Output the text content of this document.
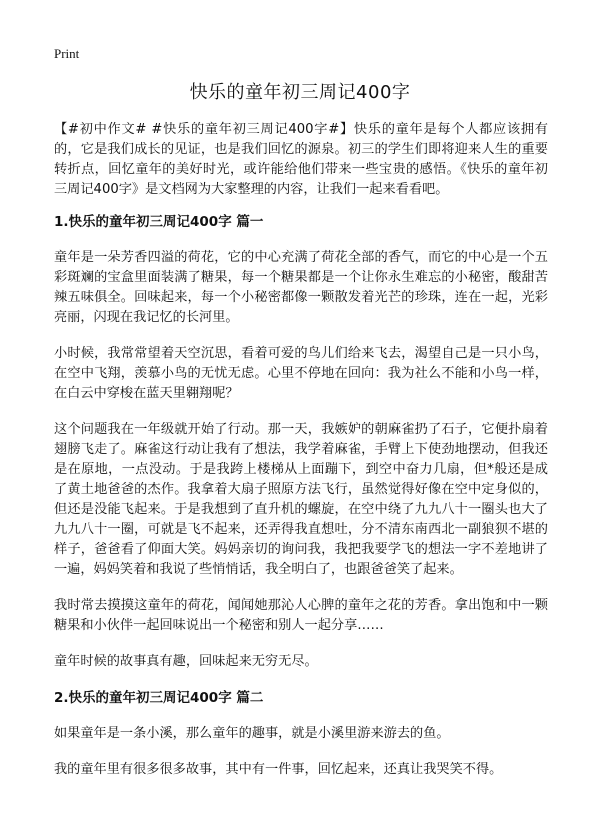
Print
快乐的童年初三周记400字

【#初中作文# #快乐的童年初三周记400字#】快乐的童年是每个人都应该拥有的，它是我们成长的见证，也是我们回忆的源泉。初三的学生们即将迎来人生的重要转折点，回忆童年的美好时光，或许能给他们带来一些宝贵的感悟。《快乐的童年初三周记400字》是文档网为大家整理的内容，让我们一起来看看吧。

1.快乐的童年初三周记400字 篇一

童年是一朵芳香四溢的荷花，它的中心充满了荷花全部的香气，而它的中心是一个五彩斑斓的宝盒里面装满了糖果，每一个糖果都是一个让你永生难忘的小秘密，酸甜苦辣五味俱全。回味起来，每一个小秘密都像一颗散发着光芒的珍珠，连在一起，光彩亮丽，闪现在我记忆的长河里。

小时候，我常常望着天空沉思，看着可爱的鸟儿们给来飞去，渴望自己是一只小鸟，在空中飞翔，羡慕小鸟的无忧无虑。心里不停地在回向：我为社么不能和小鸟一样，在白云中穿梭在蓝天里翱翔呢？

这个问题我在一年级就开始了行动。那一天，我嫉妒的朝麻雀扔了石子，它便扑扇着翅膀飞走了。麻雀这行动让我有了想法，我学着麻雀，手臂上下使劲地摆动，但我还是在原地，一点没动。于是我跨上楼梯从上面蹦下，到空中奋力几扇，但*般还是成了黄土地爸爸的杰作。我拿着大扇子照原方法飞行，虽然觉得好像在空中定身似的，但还是没能飞起来。于是我想到了直升机的螺旋，在空中绕了九九八十一圈头也大了九九八十一圈，可就是飞不起来，还弄得我直想吐，分不清东南西北一副狼狈不堪的样子，爸爸看了仰面大笑。妈妈亲切的询问我，我把我要学飞的想法一字不差地讲了一遍，妈妈笑着和我说了些悄悄话，我全明白了，也跟爸爸笑了起来。

我时常去摸摸这童年的荷花，闻闻她那沁人心脾的童年之花的芳香。拿出饱和中一颗糖果和小伙伴一起回味说出一个秘密和别人一起分享……

童年时候的故事真有趣，回味起来无穷无尽。

2.快乐的童年初三周记400字 篇二

如果童年是一条小溪，那么童年的趣事，就是小溪里游来游去的鱼。

我的童年里有很多很多故事，其中有一件事，回忆起来，还真让我哭笑不得。
